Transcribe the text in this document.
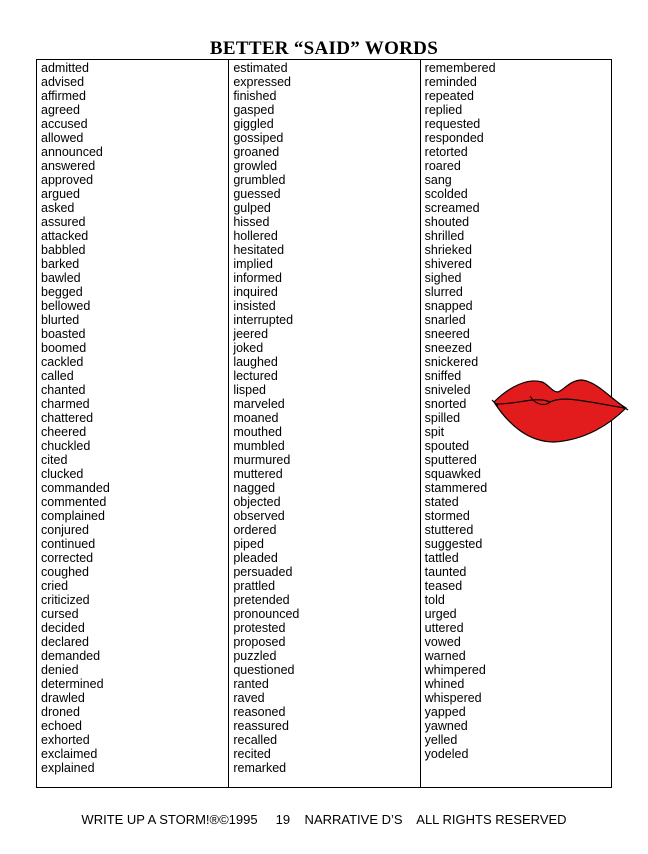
BETTER “SAID” WORDS
admitted
advised
affirmed
agreed
accused
allowed
announced
answered
approved
argued
asked
assured
attacked
babbled
barked
bawled
begged
bellowed
blurted
boasted
boomed
cackled
called
chanted
charmed
chattered
cheered
chuckled
cited
clucked
commanded
commented
complained
conjured
continued
corrected
coughed
cried
criticized
cursed
decided
declared
demanded
denied
determined
drawled
droned
echoed
exhorted
exclaimed
explained
estimated
expressed
finished
gasped
giggled
gossiped
groaned
growled
grumbled
guessed
gulped
hissed
hollered
hesitated
implied
informed
inquired
insisted
interrupted
jeered
joked
laughed
lectured
lisped
marveled
moaned
mouthed
mumbled
murmured
muttered
nagged
objected
observed
ordered
piped
pleaded
persuaded
prattled
pretended
pronounced
protested
proposed
puzzled
questioned
ranted
raved
reasoned
reassured
recalled
recited
remarked
remembered
reminded
repeated
replied
requested
responded
retorted
roared
sang
scolded
screamed
shouted
shrilled
shrieked
shivered
sighed
slurred
snapped
snarled
sneered
sneezed
snickered
sniffed
sniveled
snorted
spilled
spit
spouted
sputtered
squawked
stammered
stated
stormed
stuttered
suggested
tattled
taunted
teased
told
urged
uttered
vowed
warned
whimpered
whined
whispered
yapped
yawned
yelled
yodeled
WRITE UP A STORM!®©1995     19    NARRATIVE D’S    ALL RIGHTS RESERVED
